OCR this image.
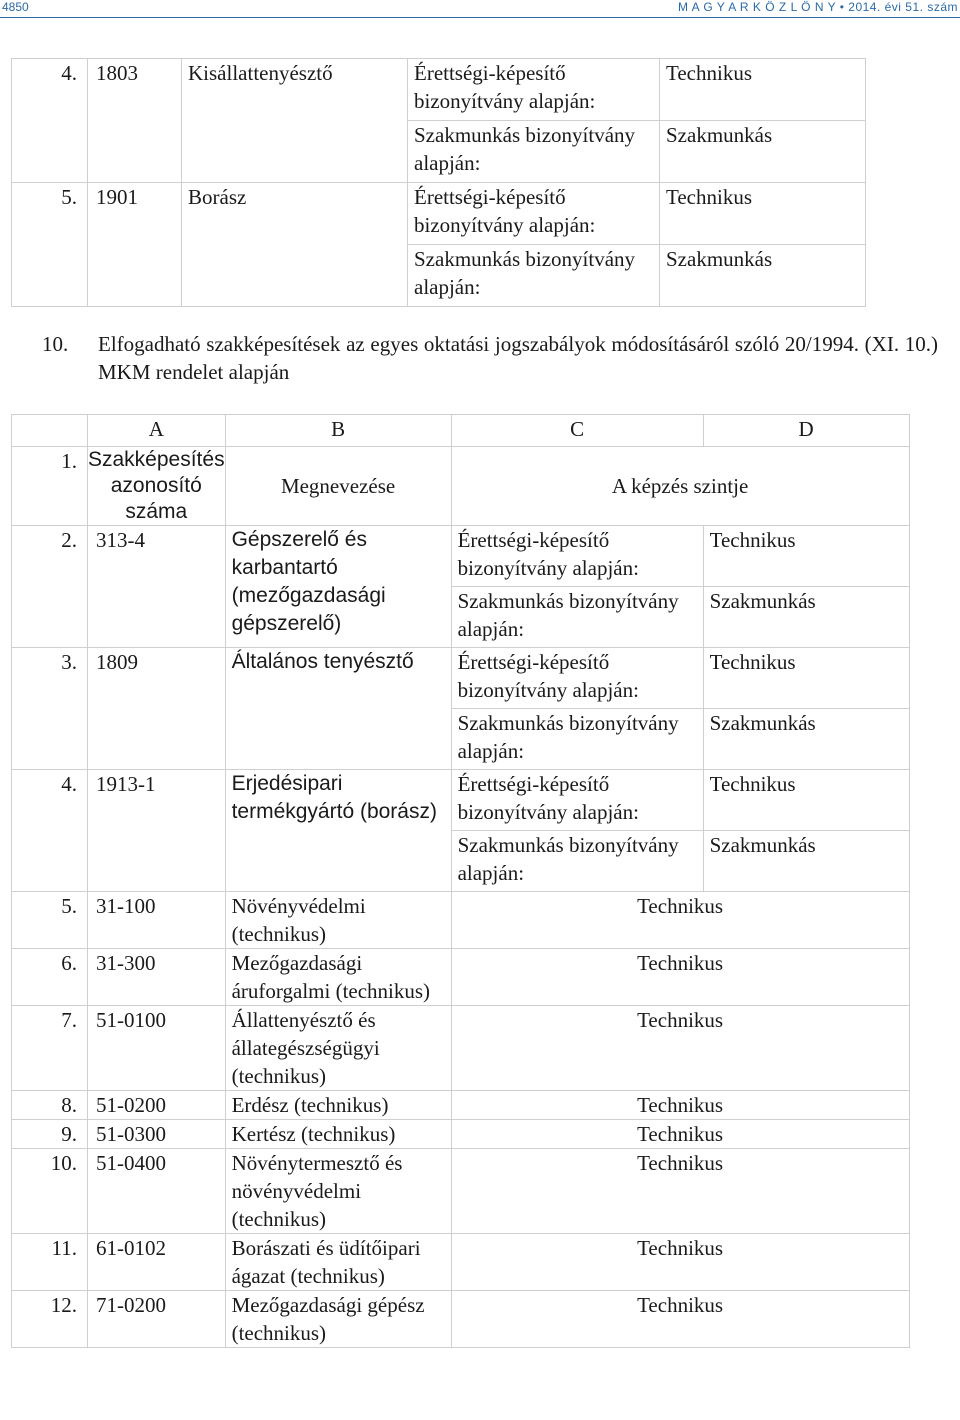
4850	M A G Y A R K Ö Z L Ö N Y • 2014. évi 51. szám
4.	1803	Kisállattenyésztő	Érettségi-képesítő bizonyítvány alapján:	Technikus
			Szakmunkás bizonyítvány alapján:	Szakmunkás
5.	1901	Borász	Érettségi-képesítő bizonyítvány alapján:	Technikus
			Szakmunkás bizonyítvány alapján:	Szakmunkás
10.	Elfogadható szakképesítések az egyes oktatási jogszabályok módosításáról szóló 20/1994. (XI. 10.) MKM rendelet alapján
	A	B	C	D
1.	Szakképesítés azonosító száma	Megnevezése	A képzés szintje	
2.	313-4	Gépszerelő és karbantartó (mezőgazdasági gépszerelő)	Érettségi-képesítő bizonyítvány alapján:	Technikus
			Szakmunkás bizonyítvány alapján:	Szakmunkás
3.	1809	Általános tenyésztő	Érettségi-képesítő bizonyítvány alapján:	Technikus
			Szakmunkás bizonyítvány alapján:	Szakmunkás
4.	1913-1	Erjedésipari termékgyártó (borász)	Érettségi-képesítő bizonyítvány alapján:	Technikus
			Szakmunkás bizonyítvány alapján:	Szakmunkás
5.	31-100	Növényvédelmi (technikus)	Technikus	
6.	31-300	Mezőgazdasági áruforgalmi (technikus)	Technikus	
7.	51-0100	Állattenyésztő és állategészségügyi (technikus)	Technikus	
8.	51-0200	Erdész (technikus)	Technikus	
9.	51-0300	Kertész (technikus)	Technikus	
10.	51-0400	Növénytermesztő és növényvédelmi (technikus)	Technikus	
11.	61-0102	Borászati és üdítőipari ágazat (technikus)	Technikus	
12.	71-0200	Mezőgazdasági gépész (technikus)	Technikus	
